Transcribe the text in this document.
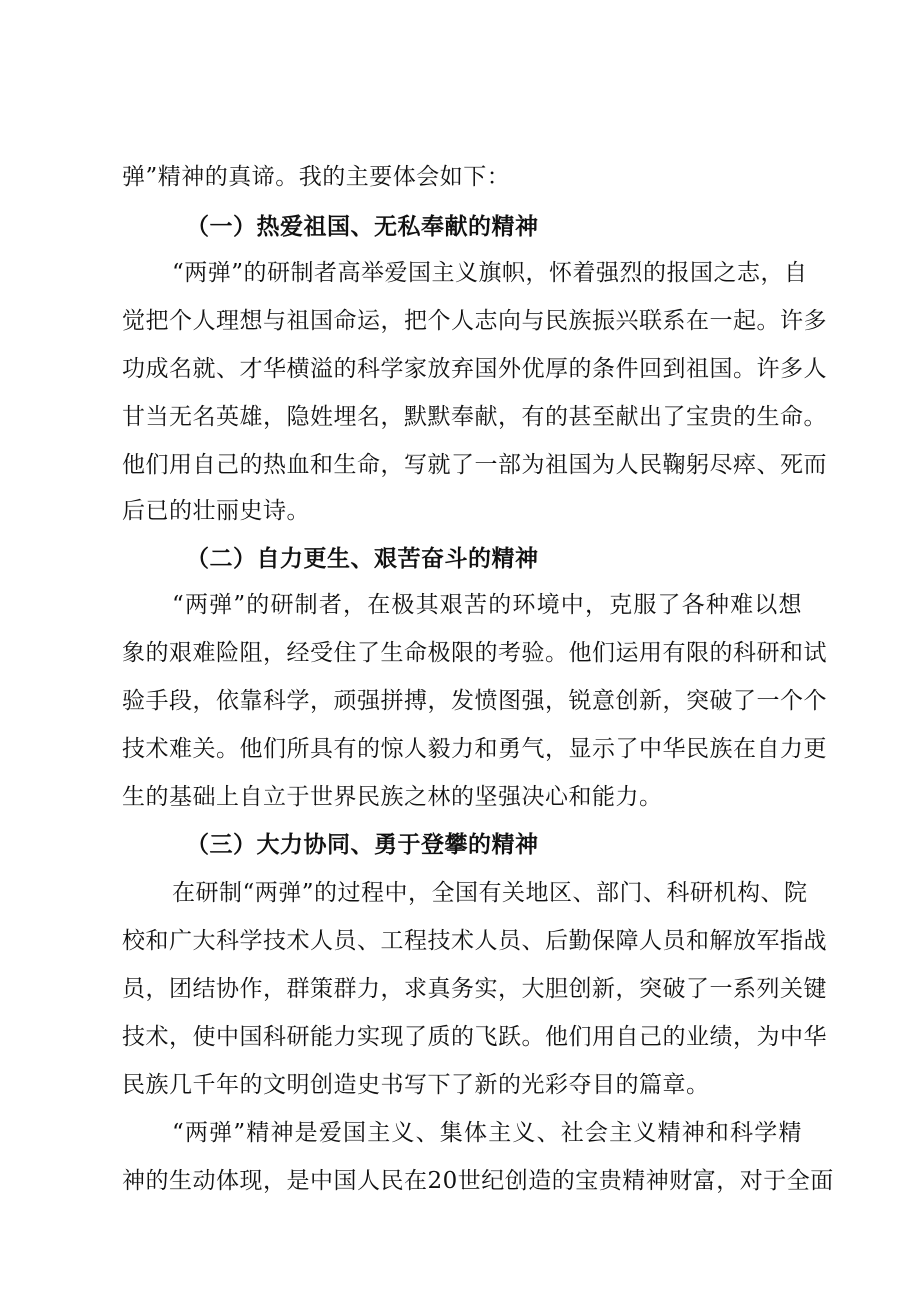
弹”精神的真谛。我的主要体会如下：
（一）热爱祖国、无私奉献的精神
“两弹”的研制者高举爱国主义旗帜，怀着强烈的报国之志，自
觉把个人理想与祖国命运，把个人志向与民族振兴联系在一起。许多
功成名就、才华横溢的科学家放弃国外优厚的条件回到祖国。许多人
甘当无名英雄，隐姓埋名，默默奉献，有的甚至献出了宝贵的生命。
他们用自己的热血和生命，写就了一部为祖国为人民鞠躬尽瘁、死而
后已的壮丽史诗。
（二）自力更生、艰苦奋斗的精神
“两弹”的研制者，在极其艰苦的环境中，克服了各种难以想
象的艰难险阻，经受住了生命极限的考验。他们运用有限的科研和试
验手段，依靠科学，顽强拼搏，发愤图强，锐意创新，突破了一个个
技术难关。他们所具有的惊人毅力和勇气，显示了中华民族在自力更
生的基础上自立于世界民族之林的坚强决心和能力。
（三）大力协同、勇于登攀的精神
在研制“两弹”的过程中，全国有关地区、部门、科研机构、院
校和广大科学技术人员、工程技术人员、后勤保障人员和解放军指战
员，团结协作，群策群力，求真务实，大胆创新，突破了一系列关键
技术，使中国科研能力实现了质的飞跃。他们用自己的业绩，为中华
民族几千年的文明创造史书写下了新的光彩夺目的篇章。
“两弹”精神是爱国主义、集体主义、社会主义精神和科学精
神的生动体现，是中国人民在20世纪创造的宝贵精神财富，对于全面
